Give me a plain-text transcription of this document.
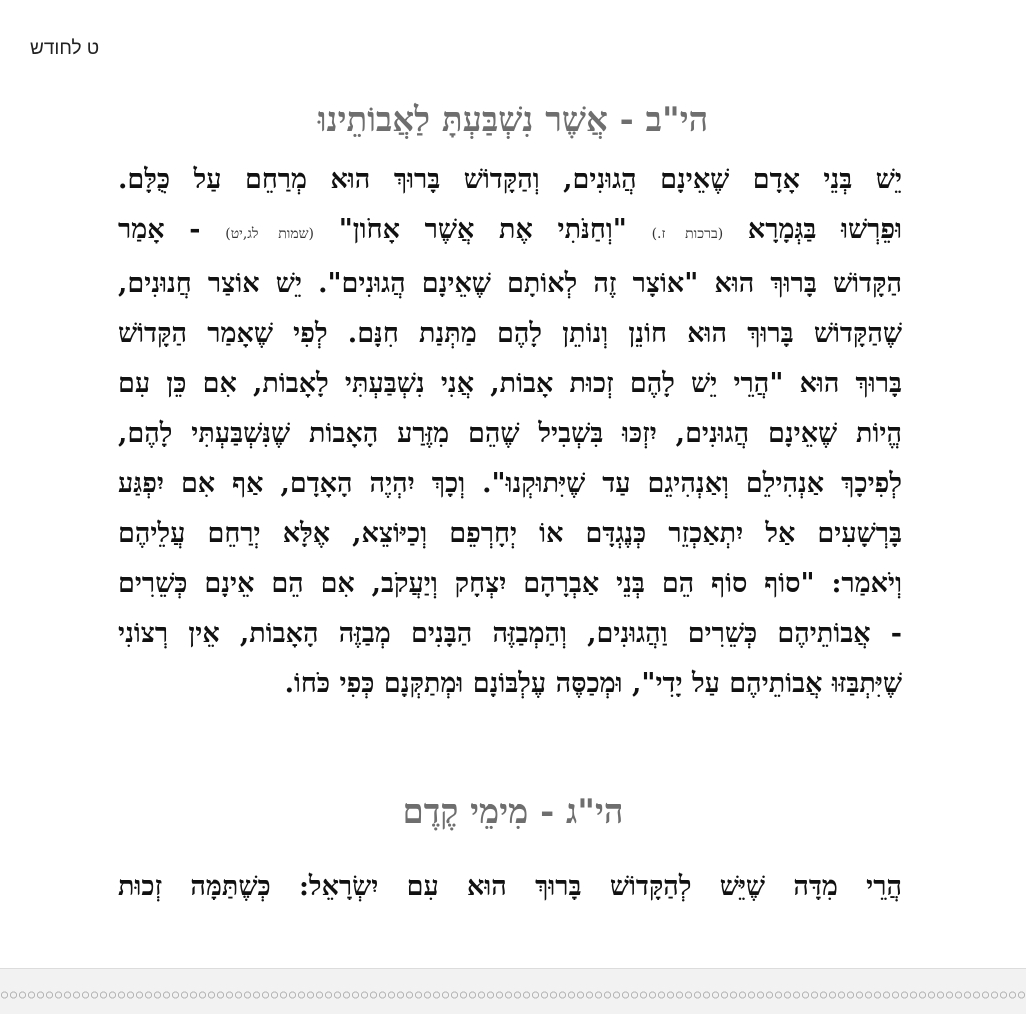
ט לחודש
הי"ב - אֲשֶׁר נִשְׁבַּעְתָּ לַאֲבוֹתֵינוּ
יֵשׁ בְּנֵי אָדָם שֶׁאֵינָם הֲגוּנִים, וְהַקָּדוֹשׁ בָּרוּךְ הוּא מְרַחֵם עַל כֻּלָּם.
וּפֵרְשׁוּ בַּגְּמָרָא (ברכות ז.) "וְחַנֹּתִי אֶת אֲשֶׁר אָחֹון" (שמות לג,יט) - אָמַר
הַקָּדוֹשׁ בָּרוּךְ הוּא "אוֹצָר זֶה לְאוֹתָם שֶׁאֵינָם הֲגוּנִים". יֵשׁ אוֹצַר חֲנוּנִים,
שֶׁהַקָּדוֹשׁ בָּרוּךְ הוּא חוֹנֵן וְנוֹתֵן לָהֶם מַתְּנַת חִנָּם. לְפִי שֶׁאָמַר הַקָּדוֹשׁ
בָּרוּךְ הוּא "הֲרֵי יֵשׁ לָהֶם זְכוּת אָבוֹת, אֲנִי נִשְׁבַּעְתִּי לָאָבוֹת, אִם כֵּן עִם
הֱיוֹת שֶׁאֵינָם הֲגוּנִים, יִזְכּוּ בִּשְׁבִיל שֶׁהֵם מִזֶּרַע הָאָבוֹת שֶׁנִּשְׁבַּעְתִּי לָהֶם,
לְפִיכָךְ אַנְהִילֵם וְאַנְהִיגֵם עַד שֶׁיִּתוּקְנוּ". וְכָךְ יִהְיֶה הָאָדָם, אַף אִם יִפְגַּע
בָּרְשָׁעִים אַל יִתְאַכְזֵר כְּנֶגְדָּם אוֹ יְחָרְפֵם וְכַיּוֹצֵא, אֶלָּא יְרַחֵם עֲלֵיהֶם
וְיֹאמַר: "סוֹף סוֹף הֵם בְּנֵי אַבְרָהָם יִצְחָק וְיַעֲקֹב, אִם הֵם אֵינָם כְּשֵׁרִים
- אֲבוֹתֵיהֶם כְּשֵׁרִים וַהֲגוּנִים, וְהַמְבַזֶּה הַבָּנִים מְבַזֶּה הָאָבוֹת, אֵין רְצוֹנִי
שֶׁיִּתְבַּזּוּ אֲבוֹתֵיהֶם עַל יָדִי", וּמְכַסֶּה עֶלְבּוֹנָם וּמְתַקְּנָם כְּפִי כֹּחוֹ.
הי"ג - מִימֵי קֶדֶם
הֲרֵי מִדָּה שֶׁיֵּשׁ לְהַקָּדוֹשׁ בָּרוּךְ הוּא עִם יִשְׂרָאֵל: כְּשֶׁתַּמָּה זְכוּת
